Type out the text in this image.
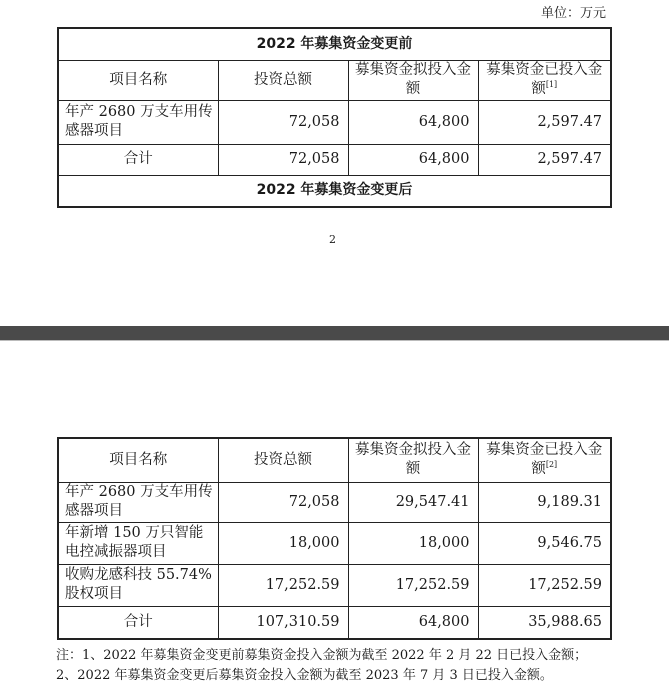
单位：万元
2022 年募集资金变更前			
项目名称	投资总额	募集资金拟投入金额	募集资金已投入金额[1]
年产 2680 万支车用传感器项目	72,058	64,800	2,597.47
合计	72,058	64,800	2,597.47
2022 年募集资金变更后			
2
项目名称	投资总额	募集资金拟投入金额	募集资金已投入金额[2]
年产 2680 万支车用传感器项目	72,058	29,547.41	9,189.31
年新增 150 万只智能电控减振器项目	18,000	18,000	9,546.75
收购龙感科技 55.74% 股权项目	17,252.59	17,252.59	17,252.59
合计	107,310.59	64,800	35,988.65
注：1、2022 年募集资金变更前募集资金投入金额为截至 2022 年 2 月 22 日已投入金额；
2、2022 年募集资金变更后募集资金投入金额为截至 2023 年 7 月 3 日已投入金额。
